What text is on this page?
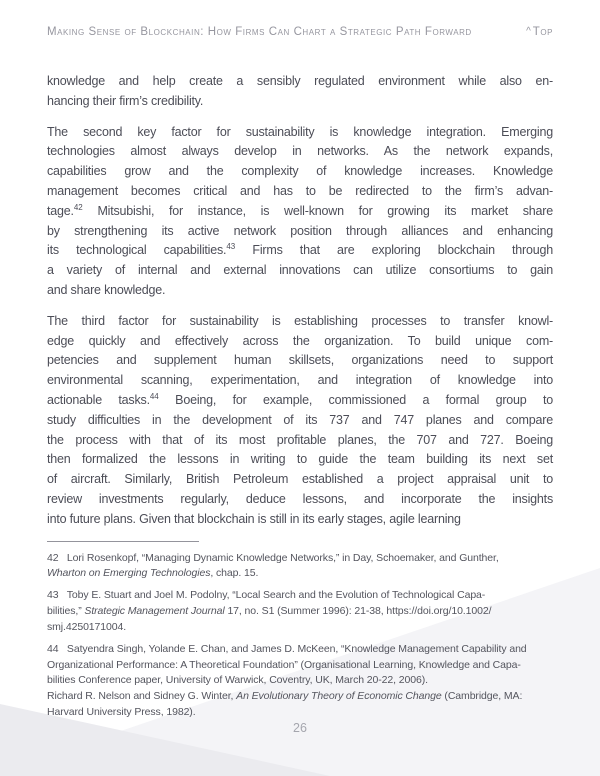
Making Sense of Blockchain: How Firms Can Chart a Strategic Path Forward	^ Top
knowledge and help create a sensibly regulated environment while also en-
hancing their firm’s credibility.
The second key factor for sustainability is knowledge integration. Emerging
technologies almost always develop in networks. As the network expands,
capabilities grow and the complexity of knowledge increases. Knowledge
management becomes critical and has to be redirected to the firm’s advan-
tage.$^{42}$ Mitsubishi, for instance, is well-known for growing its market share
by strengthening its active network position through alliances and enhancing
its technological capabilities.$^{43}$ Firms that are exploring blockchain through
a variety of internal and external innovations can utilize consortiums to gain
and share knowledge.
The third factor for sustainability is establishing processes to transfer knowl-
edge quickly and effectively across the organization. To build unique com-
petencies and supplement human skillsets, organizations need to support
environmental scanning, experimentation, and integration of knowledge into
actionable tasks.$^{44}$ Boeing, for example, commissioned a formal group to
study difficulties in the development of its 737 and 747 planes and compare
the process with that of its most profitable planes, the 707 and 727. Boeing
then formalized the lessons in writing to guide the team building its next set
of aircraft. Similarly, British Petroleum established a project appraisal unit to
review investments regularly, deduce lessons, and incorporate the insights
into future plans. Given that blockchain is still in its early stages, agile learning
42   Lori Rosenkopf, “Managing Dynamic Knowledge Networks,” in Day, Schoemaker, and Gunther,
Wharton on Emerging Technologies, chap. 15.
43   Toby E. Stuart and Joel M. Podolny, “Local Search and the Evolution of Technological Capa-
bilities,” Strategic Management Journal 17, no. S1 (Summer 1996): 21-38, https://doi.org/10.1002/
smj.4250171004.
44   Satyendra Singh, Yolande E. Chan, and James D. McKeen, “Knowledge Management Capability and
Organizational Performance: A Theoretical Foundation” (Organisational Learning, Knowledge and Capa-
bilities Conference paper, University of Warwick, Coventry, UK, March 20-22, 2006).
Richard R. Nelson and Sidney G. Winter, An Evolutionary Theory of Economic Change (Cambridge, MA:
Harvard University Press, 1982).
26
